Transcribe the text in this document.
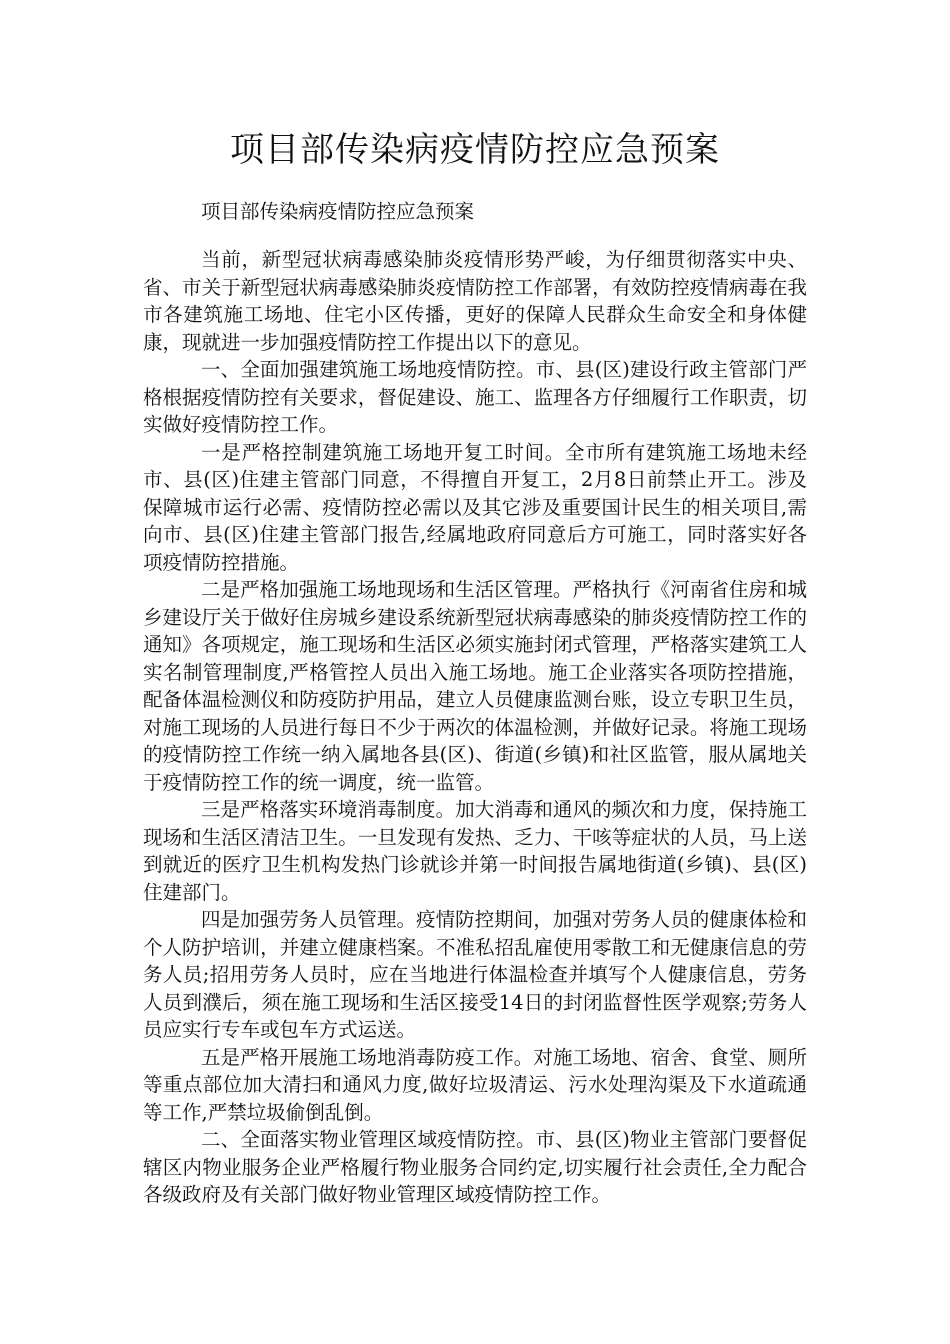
项目部传染病疫情防控应急预案

项目部传染病疫情防控应急预案

当前，新型冠状病毒感染肺炎疫情形势严峻，为仔细贯彻落实中央、省、市关于新型冠状病毒感染肺炎疫情防控工作部署，有效防控疫情病毒在我市各建筑施工场地、住宅小区传播，更好的保障人民群众生命安全和身体健康，现就进一步加强疫情防控工作提出以下的意见。

一、全面加强建筑施工场地疫情防控。市、县(区)建设行政主管部门严格根据疫情防控有关要求，督促建设、施工、监理各方仔细履行工作职责，切实做好疫情防控工作。

一是严格控制建筑施工场地开复工时间。全市所有建筑施工场地未经市、县(区)住建主管部门同意，不得擅自开复工，2月8日前禁止开工。涉及保障城市运行必需、疫情防控必需以及其它涉及重要国计民生的相关项目,需向市、县(区)住建主管部门报告,经属地政府同意后方可施工，同时落实好各项疫情防控措施。

二是严格加强施工场地现场和生活区管理。严格执行《河南省住房和城乡建设厅关于做好住房城乡建设系统新型冠状病毒感染的肺炎疫情防控工作的通知》各项规定，施工现场和生活区必须实施封闭式管理，严格落实建筑工人实名制管理制度,严格管控人员出入施工场地。施工企业落实各项防控措施，配备体温检测仪和防疫防护用品，建立人员健康监测台账，设立专职卫生员，对施工现场的人员进行每日不少于两次的体温检测，并做好记录。将施工现场的疫情防控工作统一纳入属地各县(区)、街道(乡镇)和社区监管，服从属地关于疫情防控工作的统一调度，统一监管。

三是严格落实环境消毒制度。加大消毒和通风的频次和力度，保持施工现场和生活区清洁卫生。一旦发现有发热、乏力、干咳等症状的人员，马上送到就近的医疗卫生机构发热门诊就诊并第一时间报告属地街道(乡镇)、县(区)住建部门。

四是加强劳务人员管理。疫情防控期间，加强对劳务人员的健康体检和个人防护培训，并建立健康档案。不准私招乱雇使用零散工和无健康信息的劳务人员;招用劳务人员时，应在当地进行体温检查并填写个人健康信息，劳务人员到濮后，须在施工现场和生活区接受14日的封闭监督性医学观察;劳务人员应实行专车或包车方式运送。

五是严格开展施工场地消毒防疫工作。对施工场地、宿舍、食堂、厕所等重点部位加大清扫和通风力度,做好垃圾清运、污水处理沟渠及下水道疏通等工作,严禁垃圾偷倒乱倒。

二、全面落实物业管理区域疫情防控。市、县(区)物业主管部门要督促辖区内物业服务企业严格履行物业服务合同约定,切实履行社会责任,全力配合各级政府及有关部门做好物业管理区域疫情防控工作。
